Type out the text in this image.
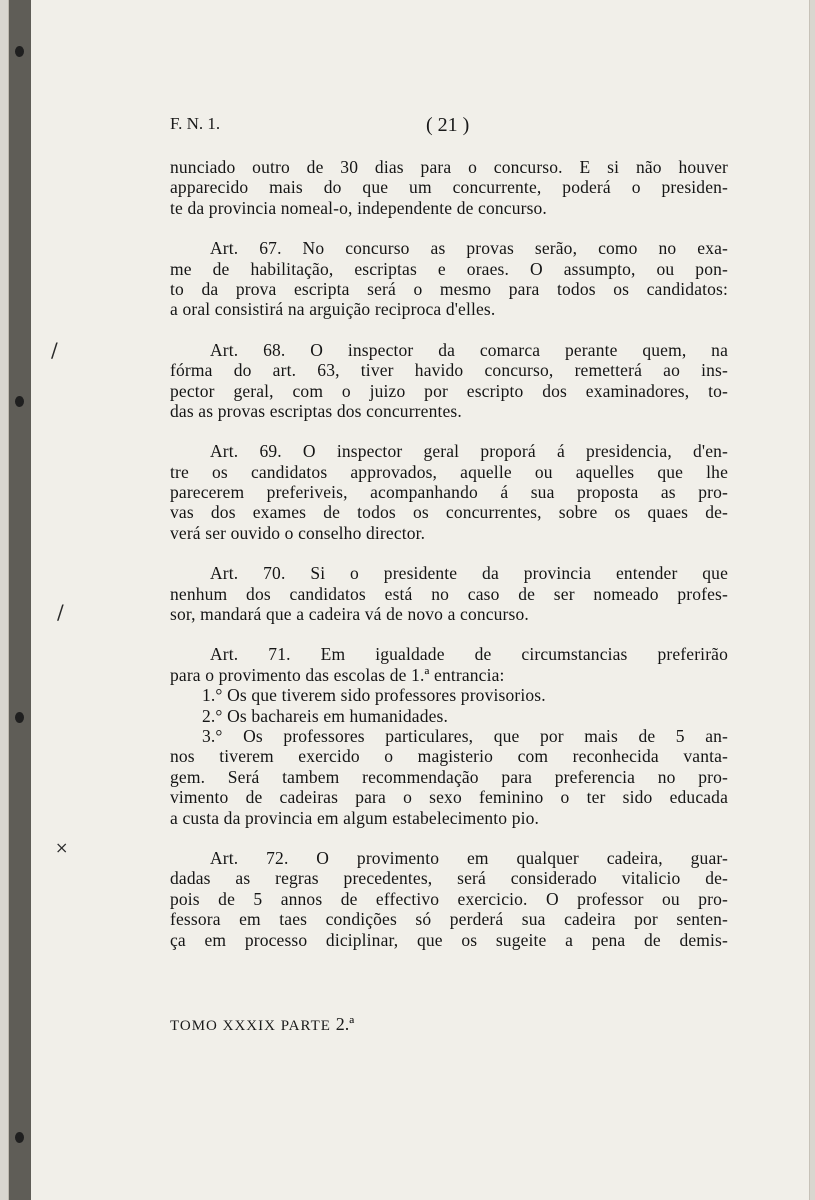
/
/
×
F. N. 1.	( 21 )
nunciado outro de 30 dias para o concurso. E si não houver
apparecido mais do que um concurrente, poderá o presiden-
te da provincia nomeal-o, independente de concurso.
Art. 67. No concurso as provas serão, como no exa-
me de habilitação, escriptas e oraes. O assumpto, ou pon-
to da prova escripta será o mesmo para todos os candidatos:
a oral consistirá na arguição reciproca d'elles.
Art. 68. O inspector da comarca perante quem, na
fórma do art. 63, tiver havido concurso, remetterá ao ins-
pector geral, com o juizo por escripto dos examinadores, to-
das as provas escriptas dos concurrentes.
Art. 69. O inspector geral proporá á presidencia, d'en-
tre os candidatos approvados, aquelle ou aquelles que lhe
parecerem preferiveis, acompanhando á sua proposta as pro-
vas dos exames de todos os concurrentes, sobre os quaes de-
verá ser ouvido o conselho director.
Art. 70. Si o presidente da provincia entender que
nenhum dos candidatos está no caso de ser nomeado profes-
sor, mandará que a cadeira vá de novo a concurso.
Art. 71. Em igualdade de circumstancias preferirão
para o provimento das escolas de 1.ª entrancia:
1.° Os que tiverem sido professores provisorios.
2.° Os bachareis em humanidades.
3.° Os professores particulares, que por mais de 5 an-
nos tiverem exercido o magisterio com reconhecida vanta-
gem. Será tambem recommendação para preferencia no pro-
vimento de cadeiras para o sexo feminino o ter sido educada
a custa da provincia em algum estabelecimento pio.
Art. 72. O provimento em qualquer cadeira, guar-
dadas as regras precedentes, será considerado vitalicio de-
pois de 5 annos de effectivo exercicio. O professor ou pro-
fessora em taes condições só perderá sua cadeira por senten-
ça em processo diciplinar, que os sugeite a pena de demis-
TOMO XXXIX PARTE 2.ª
